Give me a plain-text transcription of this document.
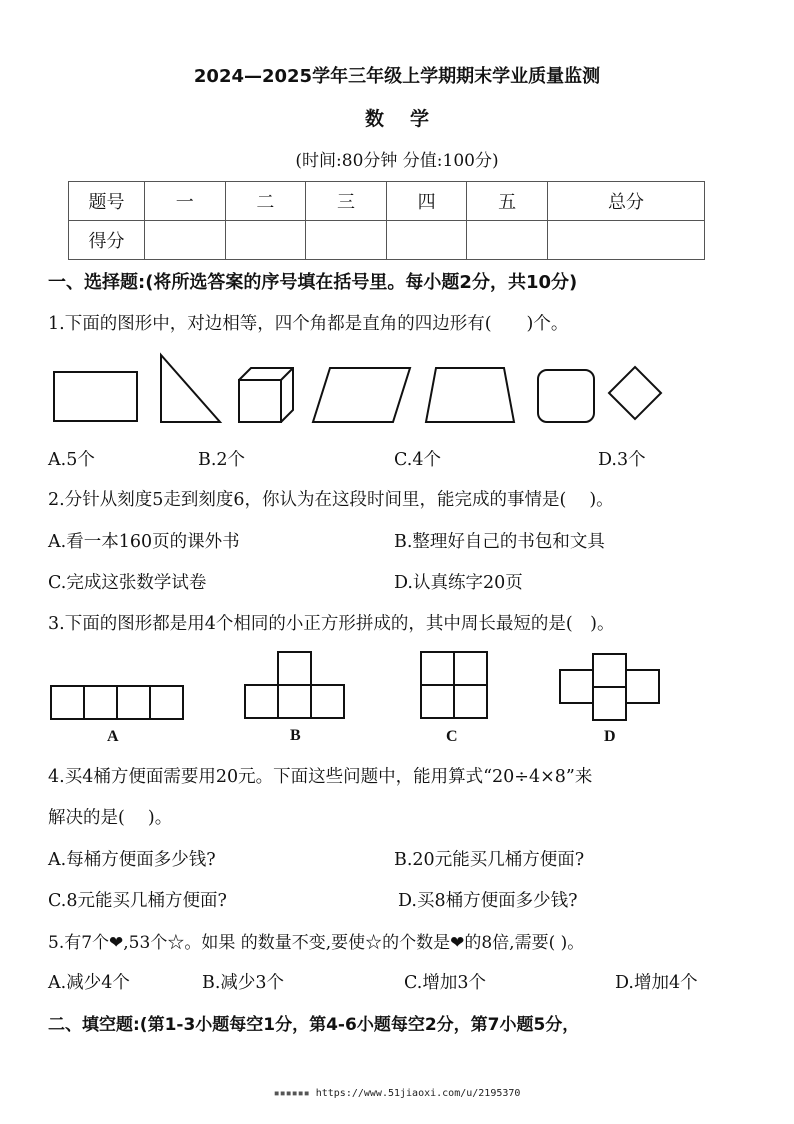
2024—2025学年三年级上学期期末学业质量监测
数学
(时间:80分钟 分值:100分)
题号	一	二	三	四	五	总分
得分						
一、选择题:(将所选答案的序号填在括号里。每小题2分，共10分)
1.下面的图形中，对边相等，四个角都是直角的四边形有(　　)个。
A.5个	B.2个	C.4个	D.3个
2.分针从刻度5走到刻度6，你认为在这段时间里，能完成的事情是(　 )。
A.看一本160页的课外书	B.整理好自己的书包和文具
C.完成这张数学试卷	D.认真练字20页
3.下面的图形都是用4个相同的小正方形拼成的，其中周长最短的是(　)。
A	B	C	D
4.买4桶方便面需要用20元。下面这些问题中，能用算式“20÷4×8”来
解决的是(　 )。
A.每桶方便面多少钱?	B.20元能买几桶方便面?
C.8元能买几桶方便面?	D.买8桶方便面多少钱?
5.有7个❤,53个☆。如果 的数量不变,要使☆的个数是❤的8倍,需要( )。
A.减少4个	B.减少3个	C.增加3个	D.增加4个
二、填空题:(第1-3小题每空1分，第4-6小题每空2分，第7小题5分，
▪▪▪▪▪▪ https://www.51jiaoxi.com/u/2195370
